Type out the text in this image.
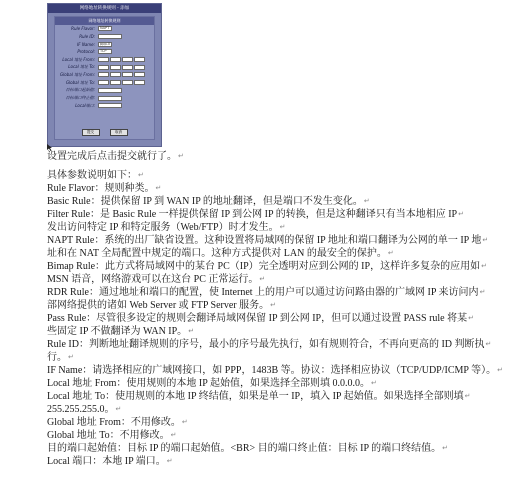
网络地址转换规则 - 添加
网络地址转换规则
Rule Flavor:	NAPT
Rule ID:
IF Name:	ppp-0
Protocol:	TCP
Local 地址 From:
Local 地址 To:
Global 地址 From:
Global 地址 To:
目标端口起始值:
目标端口终止值:
Local端口:
提交	取消

设置完成后点击提交就行了。↵

具体参数说明如下：↵

Rule Flavor：规则种类。↵

Basic Rule：提供保留 IP 到 WAN IP 的地址翻译，但是端口不发生变化。↵

Filter Rule：是 Basic Rule 一样提供保留 IP 到公网 IP 的转换，但是这种翻译只有当本地相应 IP↵

发出访问特定 IP 和特定服务（Web/FTP）时才发生。↵

NAPT Rule：系统的出厂缺省设置。这种设置将局域网的保留 IP 地址和端口翻译为公网的单一 IP 地↵

址和在 NAT 全局配置中规定的端口。这种方式提供对 LAN 的最安全的保护。↵

Bimap Rule：此方式将局域网中的某台 PC（IP）完全透明对应到公网的 IP，这样许多复杂的应用如↵

MSN 语音，网络游戏可以在这台 PC 正常运行。↵

RDR Rule：通过地址和端口的配置，使 Internet 上的用户可以通过访问路由器的广域网 IP 来访问内↵

部网络提供的诸如 Web Server 或 FTP Server 服务。↵

Pass Rule：尽管很多设定的规则会翻译局域网保留 IP 到公网 IP，但可以通过设置 PASS rule 将某↵

些固定 IP 不做翻译为 WAN IP。↵

Rule ID：判断地址翻译规则的序号，最小的序号最先执行，如有规则符合，不再向更高的 ID 判断执↵

行。↵

IF Name：请选择相应的广域网接口，如 PPP，1483B 等。协议：选择相应协议（TCP/UDP/ICMP 等）。↵

Local 地址 From：使用规则的本地 IP 起始值，如果选择全部则填 0.0.0.0。↵

Local 地址 To：使用规则的本地 IP 终结值，如果是单一 IP，填入 IP 起始值。如果选择全部则填↵

255.255.255.0。↵

Global 地址 From：不用修改。↵

Global 地址 To：不用修改。↵

目的端口起始值：目标 IP 的端口起始值。<BR> 目的端口终止值：目标 IP 的端口终结值。↵

Local 端口：本地 IP 端口。↵
